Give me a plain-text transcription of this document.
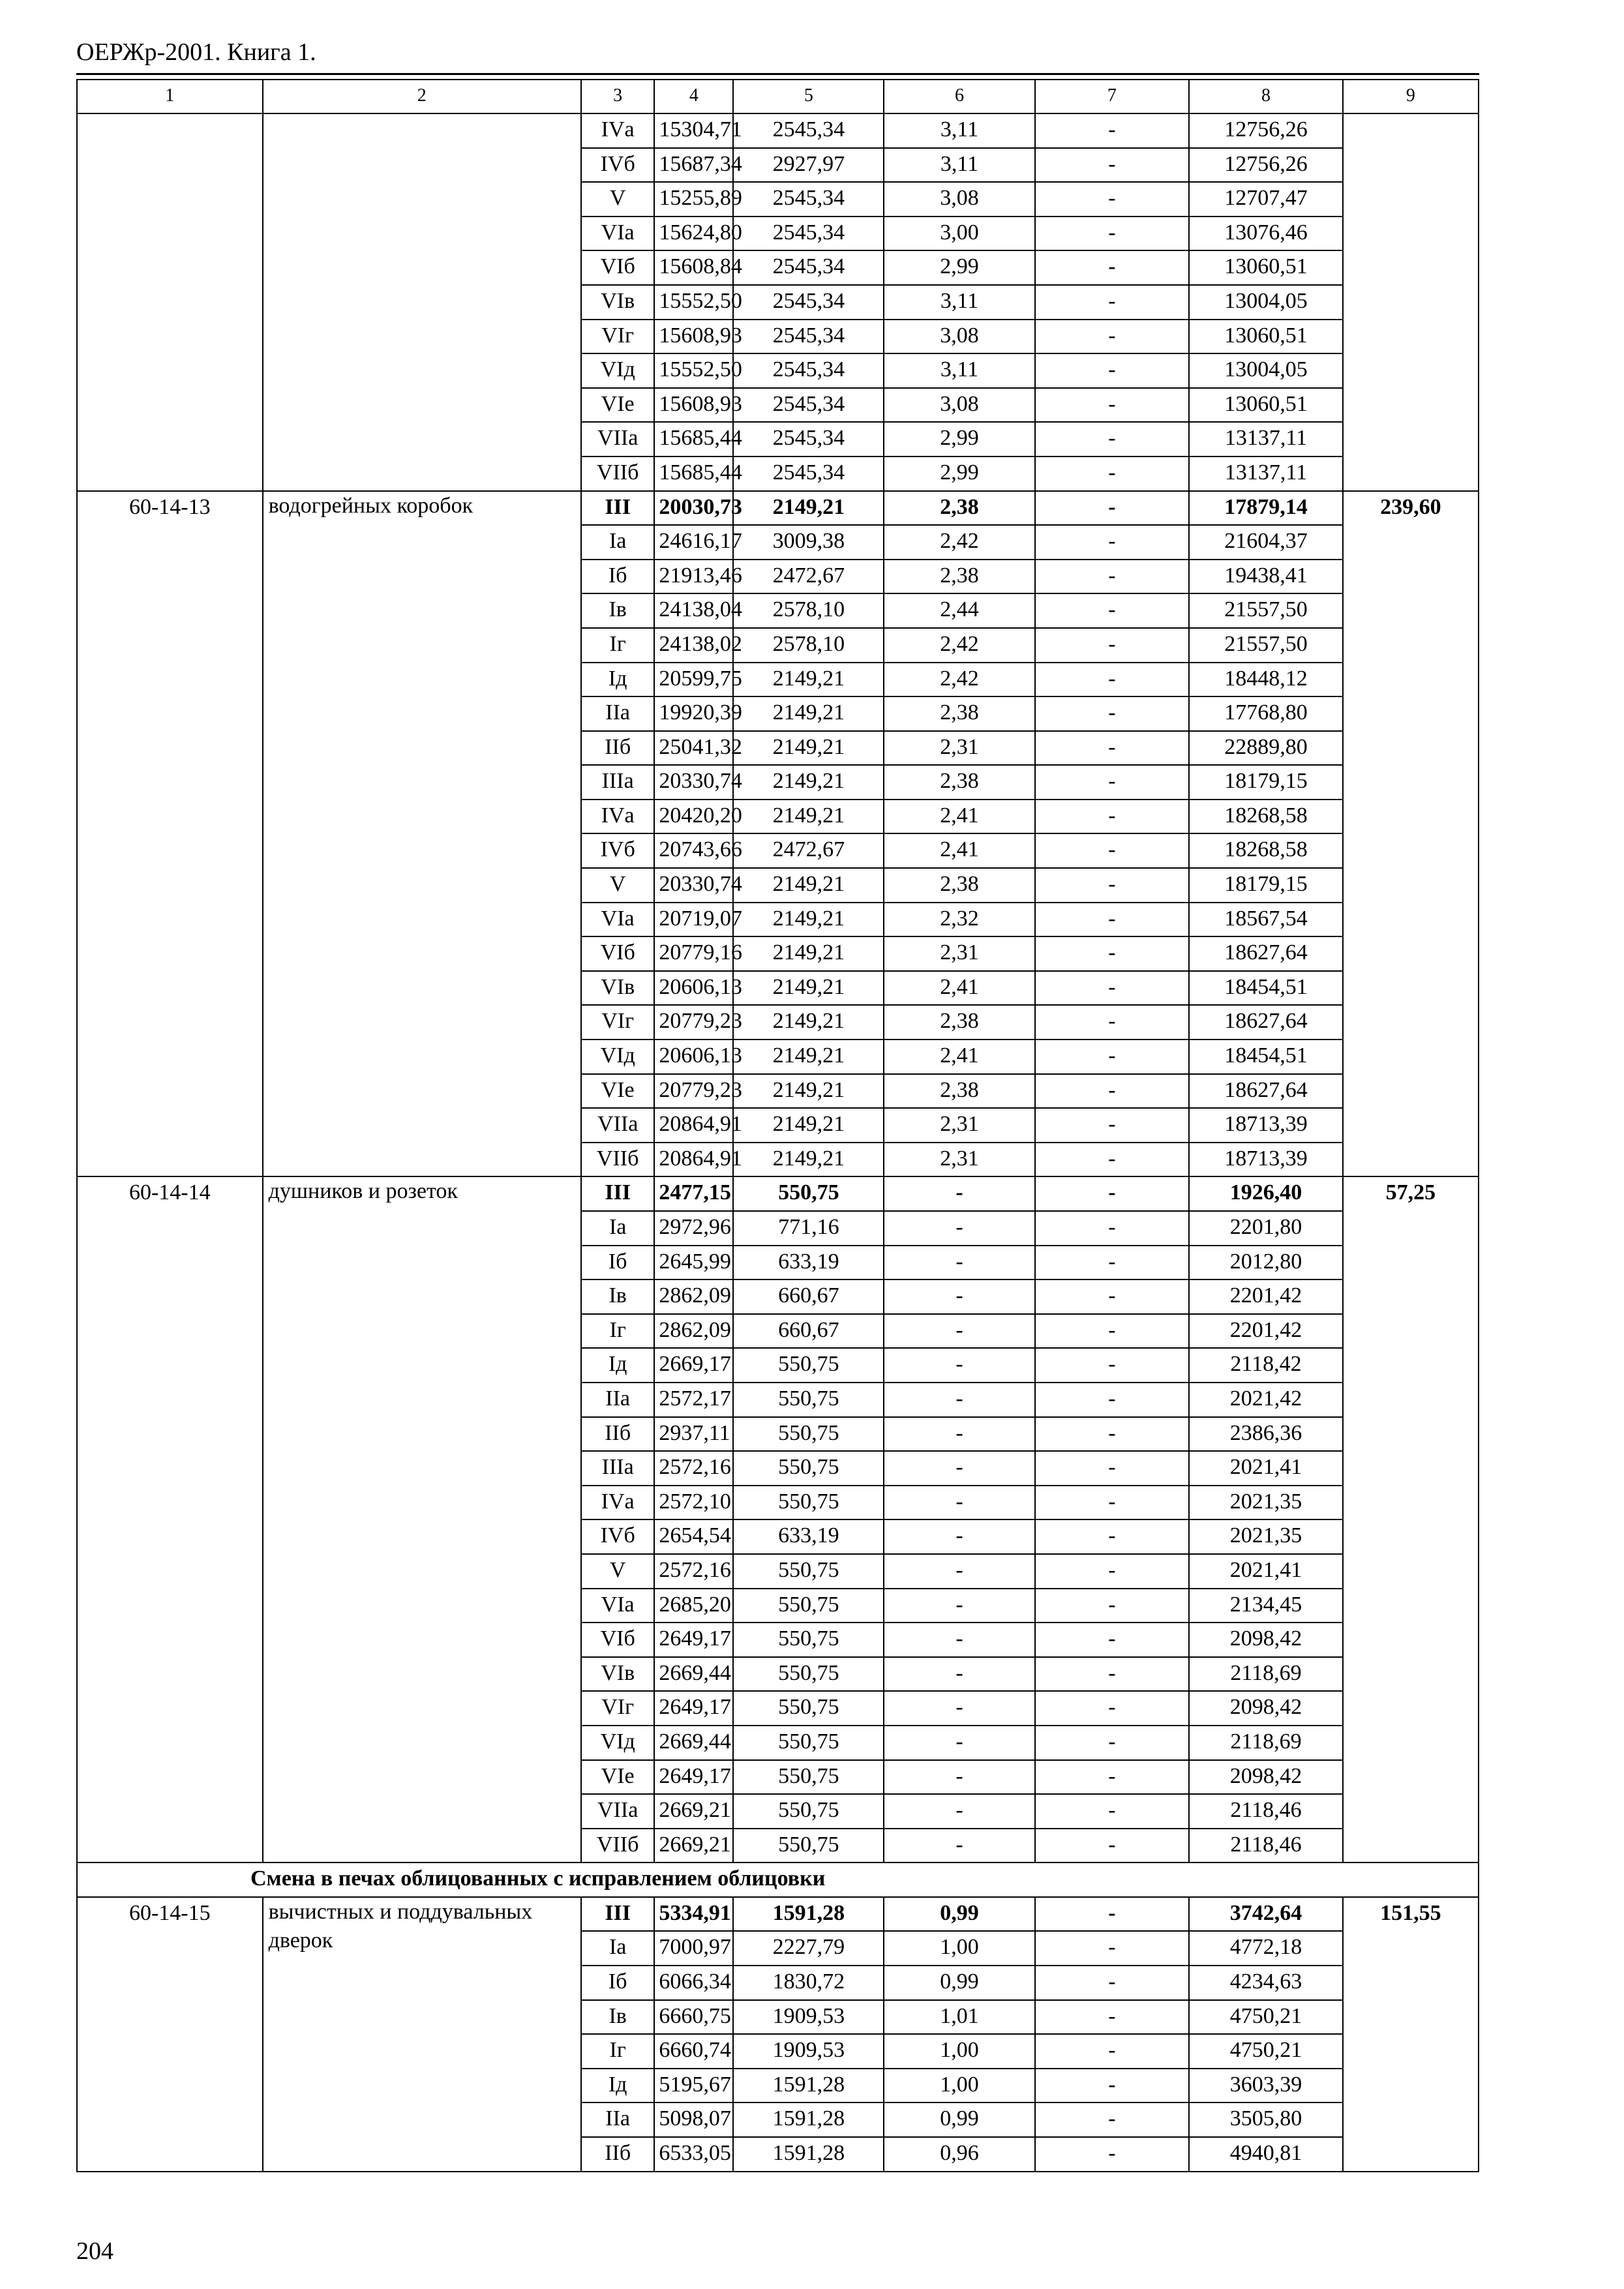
ОЕРЖр-2001. Книга 1.
1	2	3	4	5	6	7	8	9
		IVа	15304,71	2545,34	3,11	-	12756,26	
		IVб	15687,34	2927,97	3,11	-	12756,26	
		V	15255,89	2545,34	3,08	-	12707,47	
		VIа	15624,80	2545,34	3,00	-	13076,46	
		VIб	15608,84	2545,34	2,99	-	13060,51	
		VIв	15552,50	2545,34	3,11	-	13004,05	
		VIг	15608,93	2545,34	3,08	-	13060,51	
		VIд	15552,50	2545,34	3,11	-	13004,05	
		VIе	15608,93	2545,34	3,08	-	13060,51	
		VIIа	15685,44	2545,34	2,99	-	13137,11	
		VIIб	15685,44	2545,34	2,99	-	13137,11	
60-14-13	водогрейных коробок	III	20030,73	2149,21	2,38	-	17879,14	239,60
		Iа	24616,17	3009,38	2,42	-	21604,37	
		Iб	21913,46	2472,67	2,38	-	19438,41	
		Iв	24138,04	2578,10	2,44	-	21557,50	
		Iг	24138,02	2578,10	2,42	-	21557,50	
		Iд	20599,75	2149,21	2,42	-	18448,12	
		IIа	19920,39	2149,21	2,38	-	17768,80	
		IIб	25041,32	2149,21	2,31	-	22889,80	
		IIIа	20330,74	2149,21	2,38	-	18179,15	
		IVа	20420,20	2149,21	2,41	-	18268,58	
		IVб	20743,66	2472,67	2,41	-	18268,58	
		V	20330,74	2149,21	2,38	-	18179,15	
		VIа	20719,07	2149,21	2,32	-	18567,54	
		VIб	20779,16	2149,21	2,31	-	18627,64	
		VIв	20606,13	2149,21	2,41	-	18454,51	
		VIг	20779,23	2149,21	2,38	-	18627,64	
		VIд	20606,13	2149,21	2,41	-	18454,51	
		VIе	20779,23	2149,21	2,38	-	18627,64	
		VIIа	20864,91	2149,21	2,31	-	18713,39	
		VIIб	20864,91	2149,21	2,31	-	18713,39	
60-14-14	душников и розеток	III	2477,15	550,75	-	-	1926,40	57,25
		Iа	2972,96	771,16	-	-	2201,80	
		Iб	2645,99	633,19	-	-	2012,80	
		Iв	2862,09	660,67	-	-	2201,42	
		Iг	2862,09	660,67	-	-	2201,42	
		Iд	2669,17	550,75	-	-	2118,42	
		IIа	2572,17	550,75	-	-	2021,42	
		IIб	2937,11	550,75	-	-	2386,36	
		IIIа	2572,16	550,75	-	-	2021,41	
		IVа	2572,10	550,75	-	-	2021,35	
		IVб	2654,54	633,19	-	-	2021,35	
		V	2572,16	550,75	-	-	2021,41	
		VIа	2685,20	550,75	-	-	2134,45	
		VIб	2649,17	550,75	-	-	2098,42	
		VIв	2669,44	550,75	-	-	2118,69	
		VIг	2649,17	550,75	-	-	2098,42	
		VIд	2669,44	550,75	-	-	2118,69	
		VIе	2649,17	550,75	-	-	2098,42	
		VIIа	2669,21	550,75	-	-	2118,46	
		VIIб	2669,21	550,75	-	-	2118,46	
Смена в печах облицованных с исправлением облицовки								
60-14-15	вычистных и поддувальных дверок	III	5334,91	1591,28	0,99	-	3742,64	151,55
		Iа	7000,97	2227,79	1,00	-	4772,18	
		Iб	6066,34	1830,72	0,99	-	4234,63	
		Iв	6660,75	1909,53	1,01	-	4750,21	
		Iг	6660,74	1909,53	1,00	-	4750,21	
		Iд	5195,67	1591,28	1,00	-	3603,39	
		IIа	5098,07	1591,28	0,99	-	3505,80	
		IIб	6533,05	1591,28	0,96	-	4940,81	
204
